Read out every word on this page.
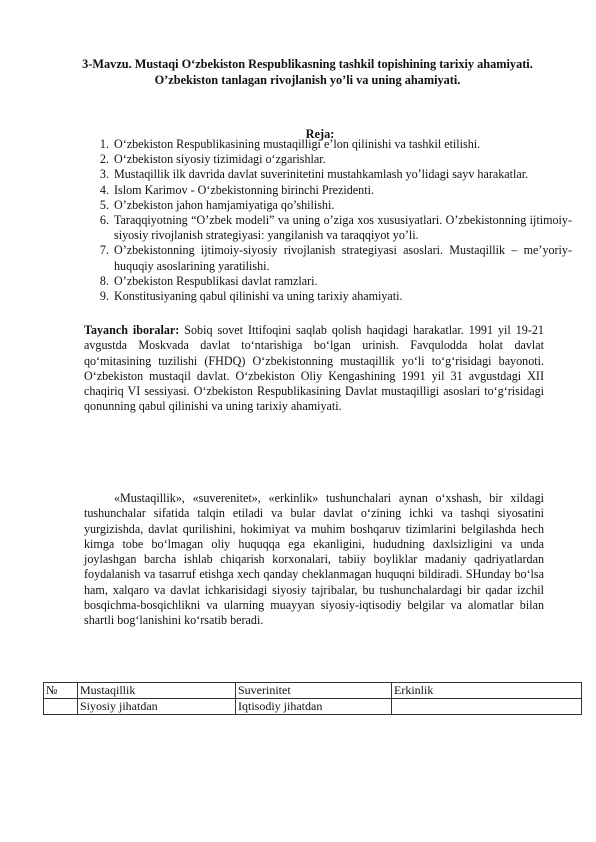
3-Mavzu. Mustaqi O‘zbekiston Respublikasning tashkil topishining tarixiy ahamiyati. O’zbekiston tanlagan rivojlanish yo’li va uning ahamiyati.
Reja:
1. O‘zbekiston Respublikasining mustaqilligi e’lon qilinishi va tashkil etilishi.
2. O‘zbekiston siyosiy tizimidagi o‘zgarishlar.
3. Mustaqillik ilk davrida davlat suverinitetini mustahkamlash yo’lidagi sayv harakatlar.
4. Islom Karimov - O‘zbekistonning birinchi Prezidenti.
5. O’zbekiston jahon hamjamiyatiga qo’shilishi.
6. Taraqqiyotning “O’zbek modeli” va uning o’ziga xos xususiyatlari. O’zbekistonning ijtimoiy-siyosiy rivojlanish strategiyasi: yangilanish va taraqqiyot yo’li.
7. O’zbekistonning ijtimoiy-siyosiy rivojlanish strategiyasi asoslari. Mustaqillik – me’yoriy-huquqiy asoslarining yaratilishi.
8. O’zbekiston Respublikasi davlat ramzlari.
9. Konstitusiyaning qabul qilinishi va uning tarixiy ahamiyati.

Tayanch iboralar: Sobiq sovet Ittifoqini saqlab qolish haqidagi harakatlar. 1991 yil 19-21 avgustda Moskvada davlat to‘ntarishiga bo‘lgan urinish. Favqulodda holat davlat qo‘mitasining tuzilishi (FHDQ) O‘zbekistonning mustaqillik yo‘li to‘g‘risidagi bayonoti. O‘zbekiston mustaqil davlat. O‘zbekiston Oliy Kengashining 1991 yil 31 avgustdagi XII chaqiriq VI sessiyasi. O‘zbekiston Respublikasining Davlat mustaqilligi asoslari to‘g‘risidagi qonunning qabul qilinishi va uning tarixiy ahamiyati.

«Mustaqillik», «suverenitet», «erkinlik» tushunchalari aynan o‘xshash, bir xildagi tushunchalar sifatida talqin etiladi va bular davlat o‘zining ichki va tashqi siyosatini yurgizishda, davlat qurilishini, hokimiyat va muhim boshqaruv tizimlarini belgilashda hech kimga tobe bo‘lmagan oliy huquqqa ega ekanligini, hududning daxlsizligini va unda joylashgan barcha ishlab chiqarish korxonalari, tabiiy boyliklar madaniy qadriyatlardan foydalanish va tasarruf etishga xech qanday cheklanmagan huquqni bildiradi. SHunday bo‘lsa ham, xalqaro va davlat ichkarisidagi siyosiy tajribalar, bu tushunchalardagi bir qadar izchil bosqichma-bosqichlikni va ularning muayyan siyosiy-iqtisodiy belgilar va alomatlar bilan shartli bog‘lanishini ko‘rsatib beradi.

№	Mustaqillik	Suverinitet	Erkinlik
	Siyosiy jihatdan	Iqtisodiy jihatdan	
